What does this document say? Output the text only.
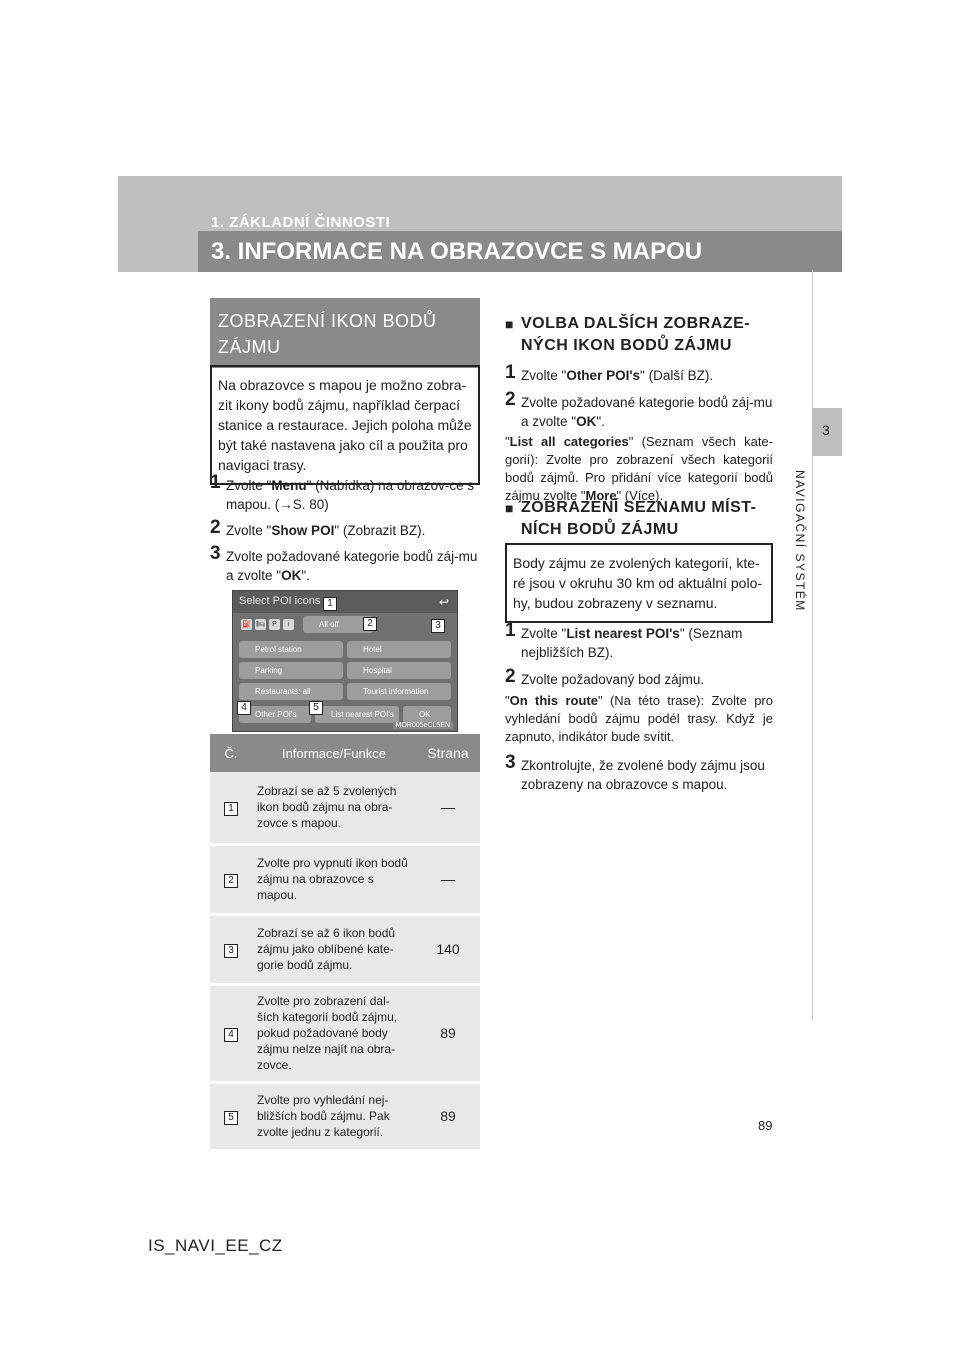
1. ZÁKLADNÍ ČINNOSTI
3. INFORMACE NA OBRAZOVCE S MAPOU
3
NAVIGAČNÍ SYSTÉM
ZOBRAZENÍ IKON BODŮ ZÁJMU
Na obrazovce s mapou je možno zobra-zit ikony bodů zájmu, například čerpací stanice a restaurace. Jejich poloha může být také nastavena jako cíl a použita pro navigaci trasy.
1 Zvolte "Menu" (Nabídka) na obrazov-ce s mapou. (→S. 80)
2 Zvolte "Show POI" (Zobrazit BZ).
3 Zvolte požadované kategorie bodů záj-mu a zvolte "OK".
Select POI icons	↩
⛽ 🛏	P	i	All off
Petrol station	Hotel
Parking	Hospital
Restaurants: all	Tourist information
Other POI's	List nearest POI's	OK
1
2	3
4	5
MOR005eCL5EN
Č.	Informace/Funkce	Strana
1	Zobrazí se až 5 zvolených ikon bodů zájmu na obra-zovce s mapou.	—
2	Zvolte pro vypnutí ikon bodů zájmu na obrazovce s mapou.	—
3	Zobrazí se až 6 ikon bodů zájmu jako oblíbené kate-gorie bodů zájmu.	140
4	Zvolte pro zobrazení dal-ších kategorií bodů zájmu, pokud požadované body zájmu nelze najít na obra-zovce.	89
5	Zvolte pro vyhledání nej-bližších bodů zájmu. Pak zvolte jednu z kategorií.	89
■ VOLBA DALŠÍCH ZOBRAZE-NÝCH IKON BODŮ ZÁJMU
1 Zvolte "Other POI's" (Další BZ).
2 Zvolte požadované kategorie bodů záj-mu a zvolte "OK".
"List all categories" (Seznam všech kate-gorií): Zvolte pro zobrazení všech kategorií bodů zájmů. Pro přidání více kategorií bodů zájmu zvolte "More" (Více).
■ ZOBRAZENÍ SEZNAMU MÍST-NÍCH BODŮ ZÁJMU
Body zájmu ze zvolených kategorií, kte-ré jsou v okruhu 30 km od aktuální polo-hy, budou zobrazeny v seznamu.
1 Zvolte "List nearest POI's" (Seznam nejbližších BZ).
2 Zvolte požadovaný bod zájmu.
"On this route" (Na této trase): Zvolte pro vyhledání bodů zájmu podél trasy. Když je zapnuto, indikátor bude svítit.
3 Zkontrolujte, že zvolené body zájmu jsou zobrazeny na obrazovce s mapou.
89
IS_NAVI_EE_CZ
